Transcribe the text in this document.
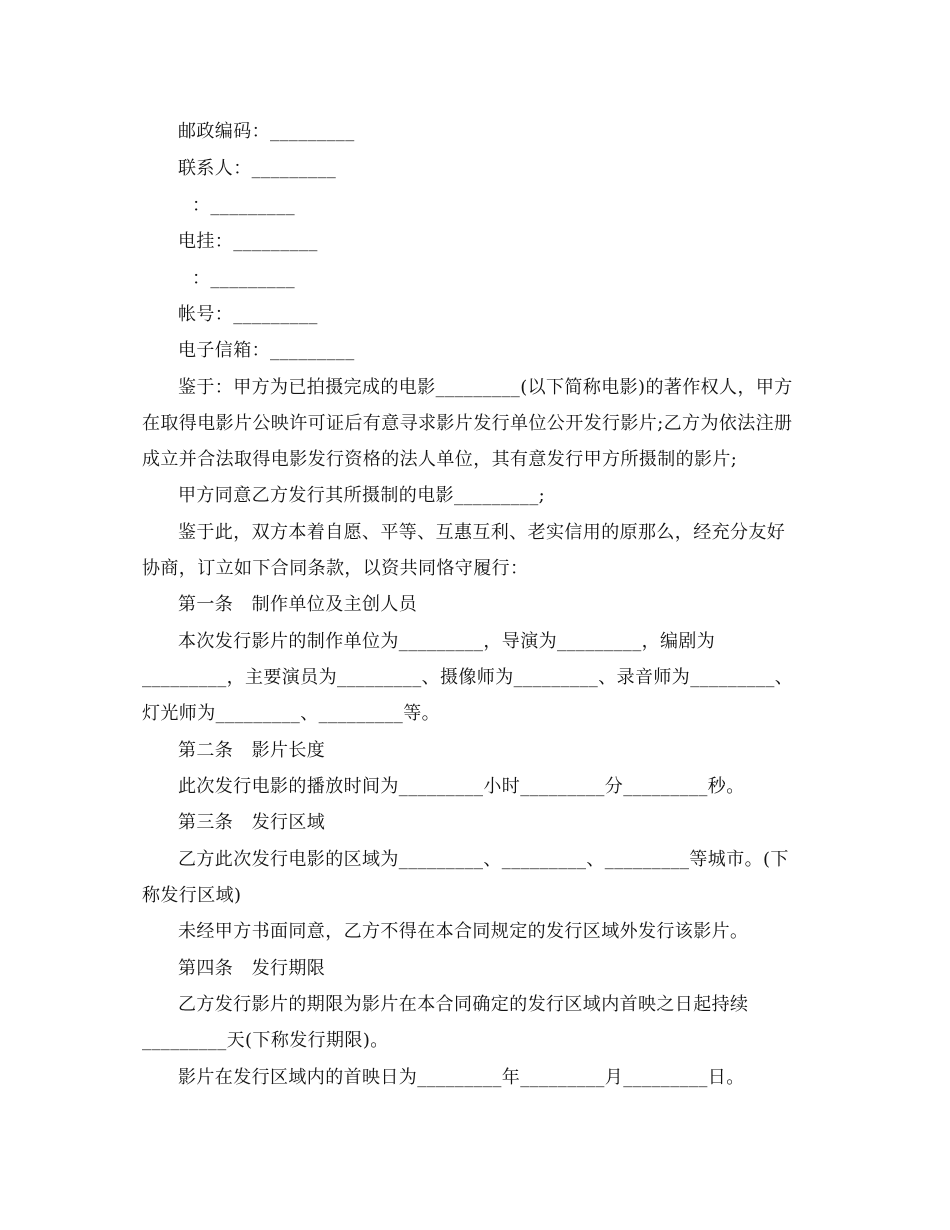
邮政编码：_________

联系人：_________

：_________

电挂：_________

：_________

帐号：_________

电子信箱：_________

鉴于：甲方为已拍摄完成的电影_________(以下简称电影)的著作权人，甲方

在取得电影片公映许可证后有意寻求影片发行单位公开发行影片;乙方为依法注册

成立并合法取得电影发行资格的法人单位，其有意发行甲方所摄制的影片;

甲方同意乙方发行其所摄制的电影_________;

鉴于此，双方本着自愿、平等、互惠互利、老实信用的原那么，经充分友好

协商，订立如下合同条款，以资共同恪守履行：

第一条　制作单位及主创人员

本次发行影片的制作单位为_________，导演为_________，编剧为

_________，主要演员为_________、摄像师为_________、录音师为_________、

灯光师为_________、_________等。

第二条　影片长度

此次发行电影的播放时间为_________小时_________分_________秒。

第三条　发行区域

乙方此次发行电影的区域为_________、_________、_________等城市。(下

称发行区域)

未经甲方书面同意，乙方不得在本合同规定的发行区域外发行该影片。

第四条　发行期限

乙方发行影片的期限为影片在本合同确定的发行区域内首映之日起持续

_________天(下称发行期限)。

影片在发行区域内的首映日为_________年_________月_________日。
